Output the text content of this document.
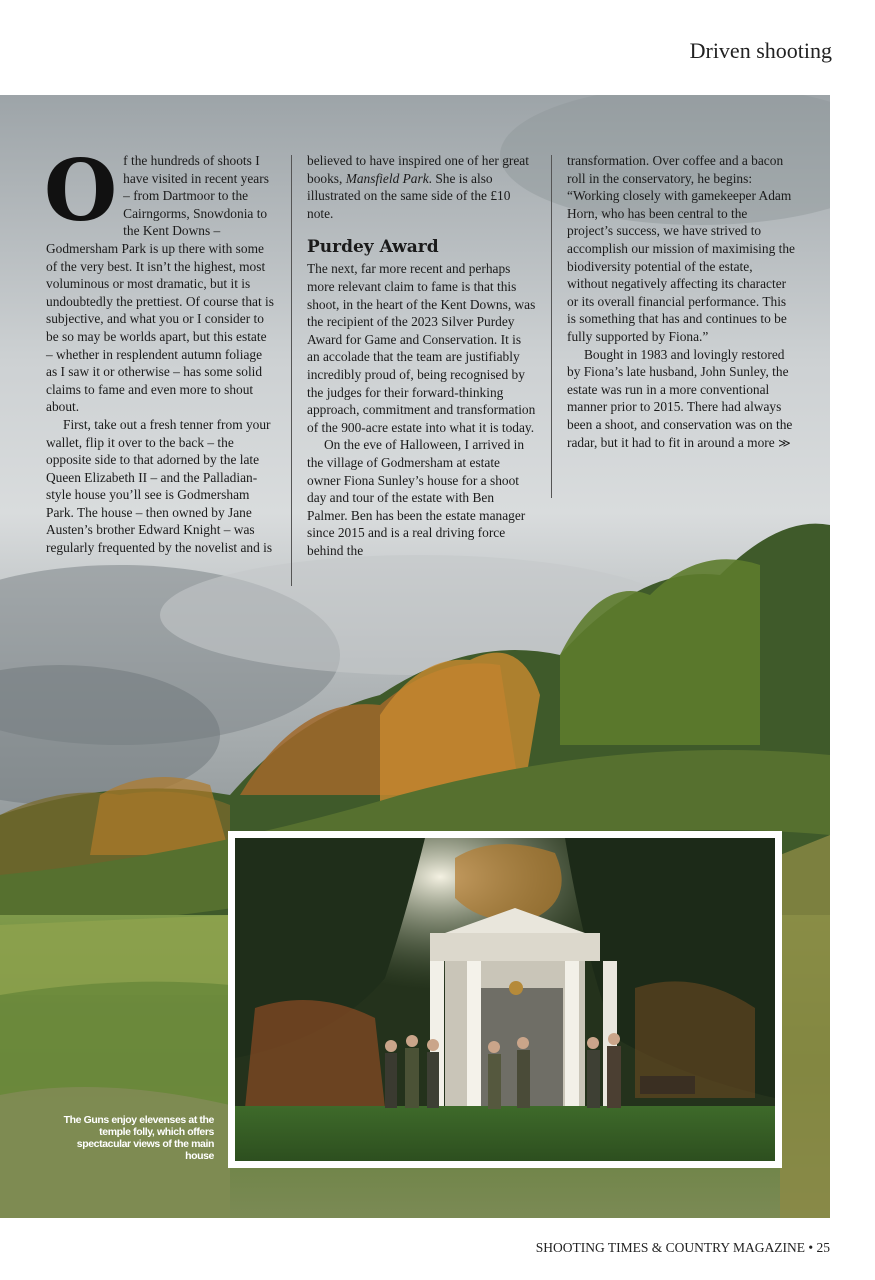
Driven shooting

Of the hundreds of shoots I have visited in recent years – from Dartmoor to the Cairngorms, Snowdonia to the Kent Downs – Godmersham Park is up there with some of the very best. It isn’t the highest, most voluminous or most dramatic, but it is undoubtedly the prettiest. Of course that is subjective, and what you or I consider to be so may be worlds apart, but this estate – whether in resplendent autumn foliage as I saw it or otherwise – has some solid claims to fame and even more to shout about.

First, take out a fresh tenner from your wallet, flip it over to the back – the opposite side to that adorned by the late Queen Elizabeth II – and the Palladian-style house you’ll see is Godmersham Park. The house – then owned by Jane Austen’s brother Edward Knight – was regularly frequented by the novelist and is

believed to have inspired one of her great books, Mansfield Park. She is also illustrated on the same side of the £10 note.

Purdey Award

The next, far more recent and perhaps more relevant claim to fame is that this shoot, in the heart of the Kent Downs, was the recipient of the 2023 Silver Purdey Award for Game and Conservation. It is an accolade that the team are justifiably incredibly proud of, being recognised by the judges for their forward-thinking approach, commitment and transformation of the 900-acre estate into what it is today.

On the eve of Halloween, I arrived in the village of Godmersham at estate owner Fiona Sunley’s house for a shoot day and tour of the estate with Ben Palmer. Ben has been the estate manager since 2015 and is a real driving force behind the

transformation. Over coffee and a bacon roll in the conservatory, he begins: “Working closely with gamekeeper Adam Horn, who has been central to the project’s success, we have strived to accomplish our mission of maximising the biodiversity potential of the estate, without negatively affecting its character or its overall financial performance. This is something that has and continues to be fully supported by Fiona.”

Bought in 1983 and lovingly restored by Fiona’s late husband, John Sunley, the estate was run in a more conventional manner prior to 2015. There had always been a shoot, and conservation was on the radar, but it had to fit in around a more ≫

The Guns enjoy elevenses at the temple folly, which offers spectacular views of the main house
SHOOTING TIMES & COUNTRY MAGAZINE • 25
